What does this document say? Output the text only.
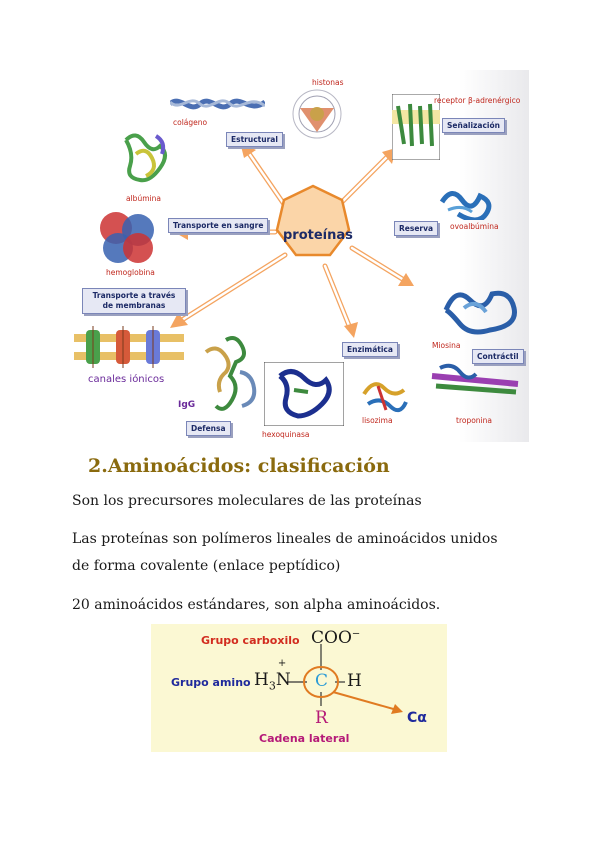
proteínas
histonas
receptor β-adrenérgico
colágeno
albúmina
hemoglobina
ovoalbúmina
Miosina
troponina
lisozima
hexoquinasa
IgG
canales iónicos
Estructural
Señalización
Transporte en sangre	Reserva
Transporte a través de membranas
Enzimática
Contráctil
Defensa
2.Aminoácidos: clasificación

Son los precursores moleculares de las proteínas

Las proteínas son polímeros lineales de aminoácidos unidos de forma covalente (enlace peptídico)

20 aminoácidos estándares, son alpha aminoácidos.

Grupo carboxilo COO−
Grupo amino $H_3$
+
N C H
R
Cadena lateral
Cα
